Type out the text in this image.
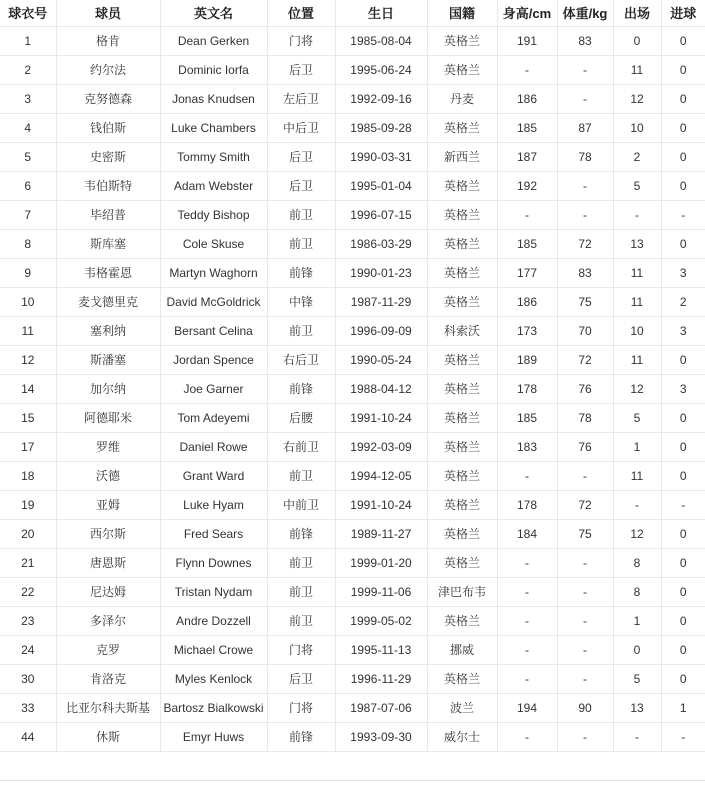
球衣号	球员	英文名	位置	生日	国籍	身高/cm	体重/kg	出场	进球
1	格肯	Dean Gerken	门将	1985-08-04	英格兰	191	83	0	0
2	约尔法	Dominic Iorfa	后卫	1995-06-24	英格兰	-	-	11	0
3	克努德森	Jonas Knudsen	左后卫	1992-09-16	丹麦	186	-	12	0
4	钱伯斯	Luke Chambers	中后卫	1985-09-28	英格兰	185	87	10	0
5	史密斯	Tommy Smith	后卫	1990-03-31	新西兰	187	78	2	0
6	韦伯斯特	Adam Webster	后卫	1995-01-04	英格兰	192	-	5	0
7	毕绍普	Teddy Bishop	前卫	1996-07-15	英格兰	-	-	-	-
8	斯库塞	Cole Skuse	前卫	1986-03-29	英格兰	185	72	13	0
9	韦格霍恩	Martyn Waghorn	前锋	1990-01-23	英格兰	177	83	11	3
10	麦戈德里克	David McGoldrick	中锋	1987-11-29	英格兰	186	75	11	2
11	塞利纳	Bersant Celina	前卫	1996-09-09	科索沃	173	70	10	3
12	斯潘塞	Jordan Spence	右后卫	1990-05-24	英格兰	189	72	11	0
14	加尔纳	Joe Garner	前锋	1988-04-12	英格兰	178	76	12	3
15	阿德耶米	Tom Adeyemi	后腰	1991-10-24	英格兰	185	78	5	0
17	罗维	Daniel Rowe	右前卫	1992-03-09	英格兰	183	76	1	0
18	沃德	Grant Ward	前卫	1994-12-05	英格兰	-	-	11	0
19	亚姆	Luke Hyam	中前卫	1991-10-24	英格兰	178	72	-	-
20	西尔斯	Fred Sears	前锋	1989-11-27	英格兰	184	75	12	0
21	唐恩斯	Flynn Downes	前卫	1999-01-20	英格兰	-	-	8	0
22	尼达姆	Tristan Nydam	前卫	1999-11-06	津巴布韦	-	-	8	0
23	多泽尔	Andre Dozzell	前卫	1999-05-02	英格兰	-	-	1	0
24	克罗	Michael Crowe	门将	1995-11-13	挪威	-	-	0	0
30	肯洛克	Myles Kenlock	后卫	1996-11-29	英格兰	-	-	5	0
33	比亚尔科夫斯基	Bartosz Bialkowski	门将	1987-07-06	波兰	194	90	13	1
44	休斯	Emyr Huws	前锋	1993-09-30	威尔士	-	-	-	-
